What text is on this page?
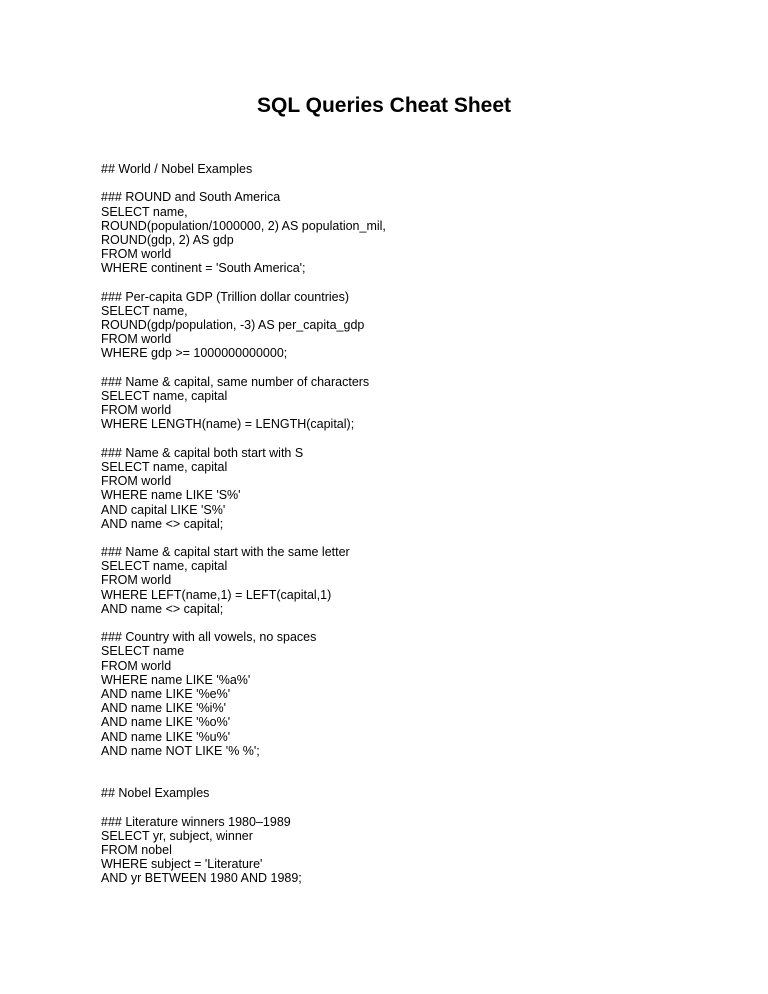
SQL Queries Cheat Sheet
## World / Nobel Examples
### ROUND and South America
SELECT name,
ROUND(population/1000000, 2) AS population_mil,
ROUND(gdp, 2) AS gdp
FROM world
WHERE continent = 'South America';
### Per-capita GDP (Trillion dollar countries)
SELECT name,
ROUND(gdp/population, -3) AS per_capita_gdp
FROM world
WHERE gdp >= 1000000000000;
### Name & capital, same number of characters
SELECT name, capital
FROM world
WHERE LENGTH(name) = LENGTH(capital);
### Name & capital both start with S
SELECT name, capital
FROM world
WHERE name LIKE 'S%'
AND capital LIKE 'S%'
AND name <> capital;
### Name & capital start with the same letter
SELECT name, capital
FROM world
WHERE LEFT(name,1) = LEFT(capital,1)
AND name <> capital;
### Country with all vowels, no spaces
SELECT name
FROM world
WHERE name LIKE '%a%'
AND name LIKE '%e%'
AND name LIKE '%i%'
AND name LIKE '%o%'
AND name LIKE '%u%'
AND name NOT LIKE '% %';
## Nobel Examples
### Literature winners 1980–1989
SELECT yr, subject, winner
FROM nobel
WHERE subject = 'Literature'
AND yr BETWEEN 1980 AND 1989;
